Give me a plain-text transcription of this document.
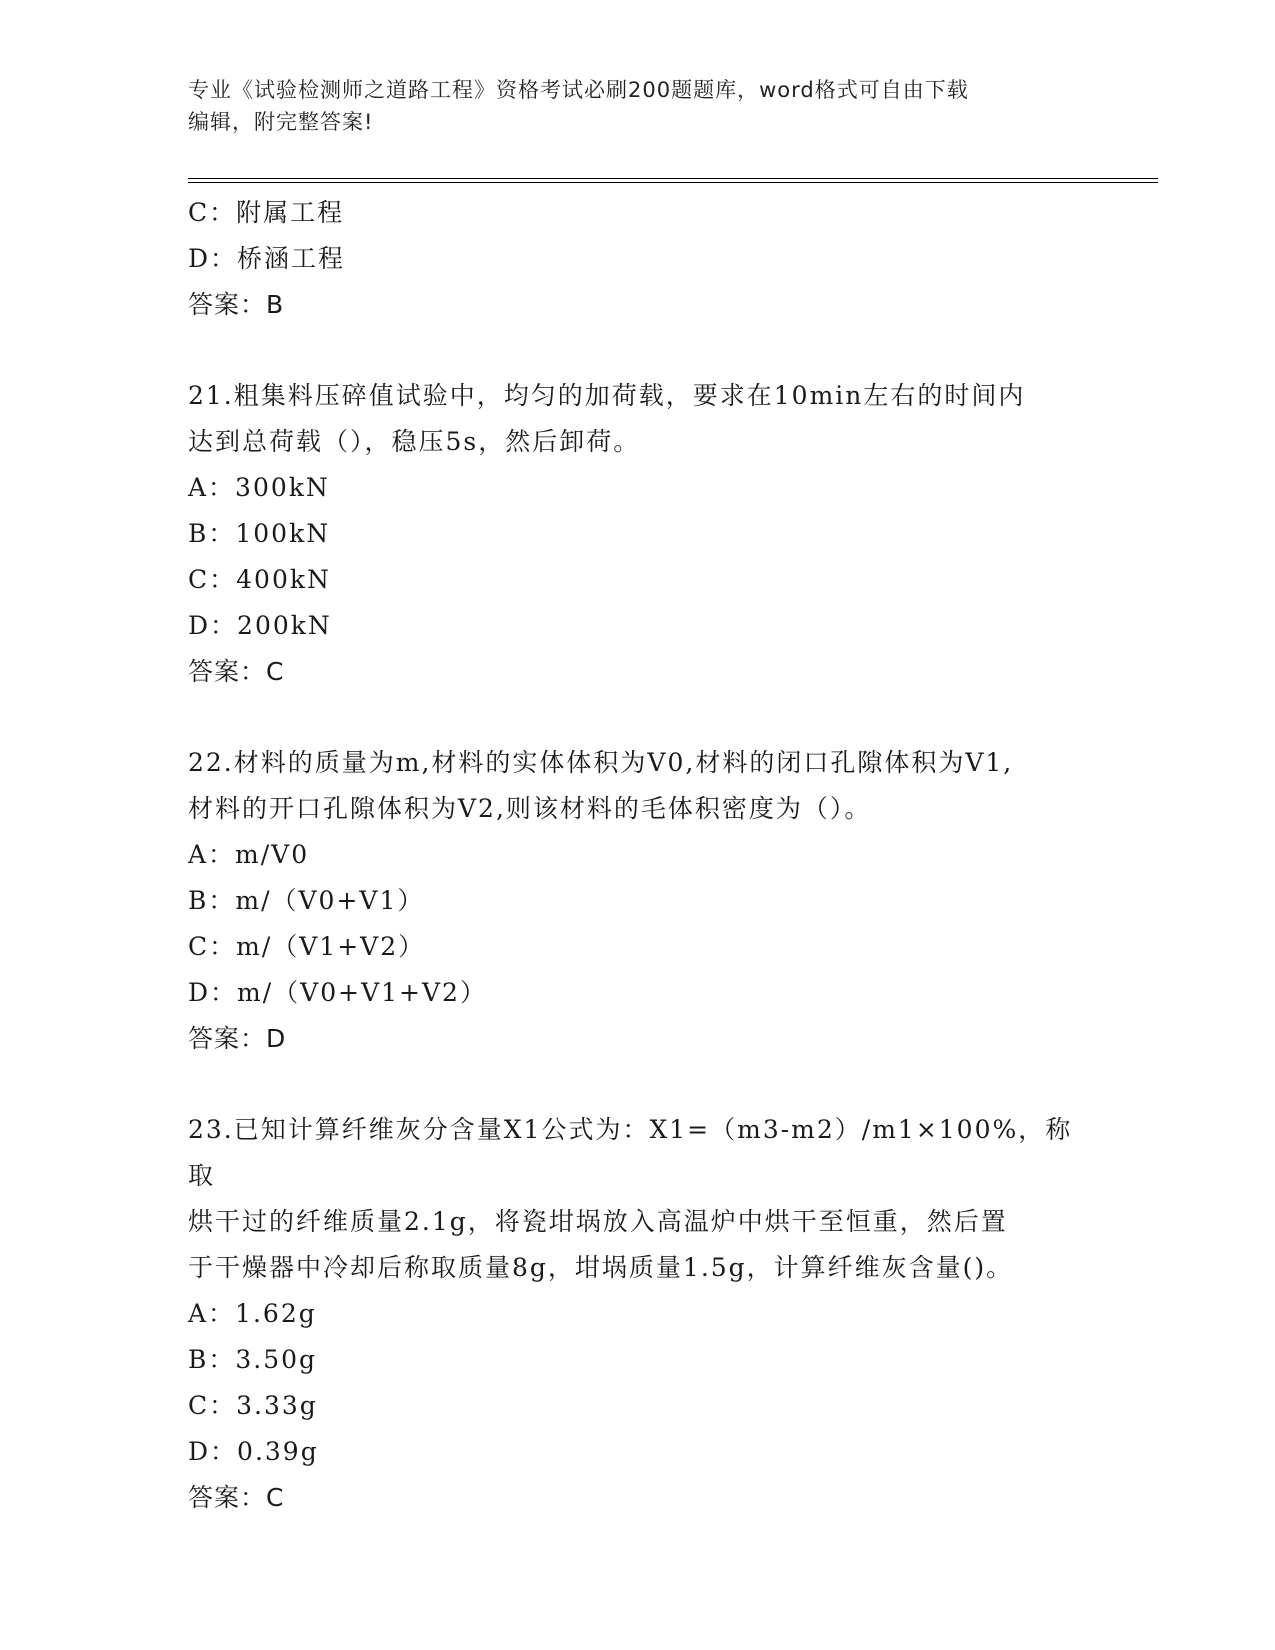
专业《试验检测师之道路工程》资格考试必刷200题题库，word格式可自由下载
编辑，附完整答案!
C：附属工程
D：桥涵工程
答案：B
21.粗集料压碎值试验中，均匀的加荷载，要求在10min左右的时间内
达到总荷载（），稳压5s，然后卸荷。
A：300kN
B：100kN
C：400kN
D：200kN
答案：C
22.材料的质量为m,材料的实体体积为V0,材料的闭口孔隙体积为V1,
材料的开口孔隙体积为V2,则该材料的毛体积密度为（）。
A：m/V0
B：m/（V0+V1）
C：m/（V1+V2）
D：m/（V0+V1+V2）
答案：D
23.已知计算纤维灰分含量X1公式为：X1=（m3-m2）/m1×100%，称取
烘干过的纤维质量2.1g，将瓷坩埚放入高温炉中烘干至恒重，然后置
于干燥器中冷却后称取质量8g，坩埚质量1.5g，计算纤维灰含量()。
A：1.62g
B：3.50g
C：3.33g
D：0.39g
答案：C
